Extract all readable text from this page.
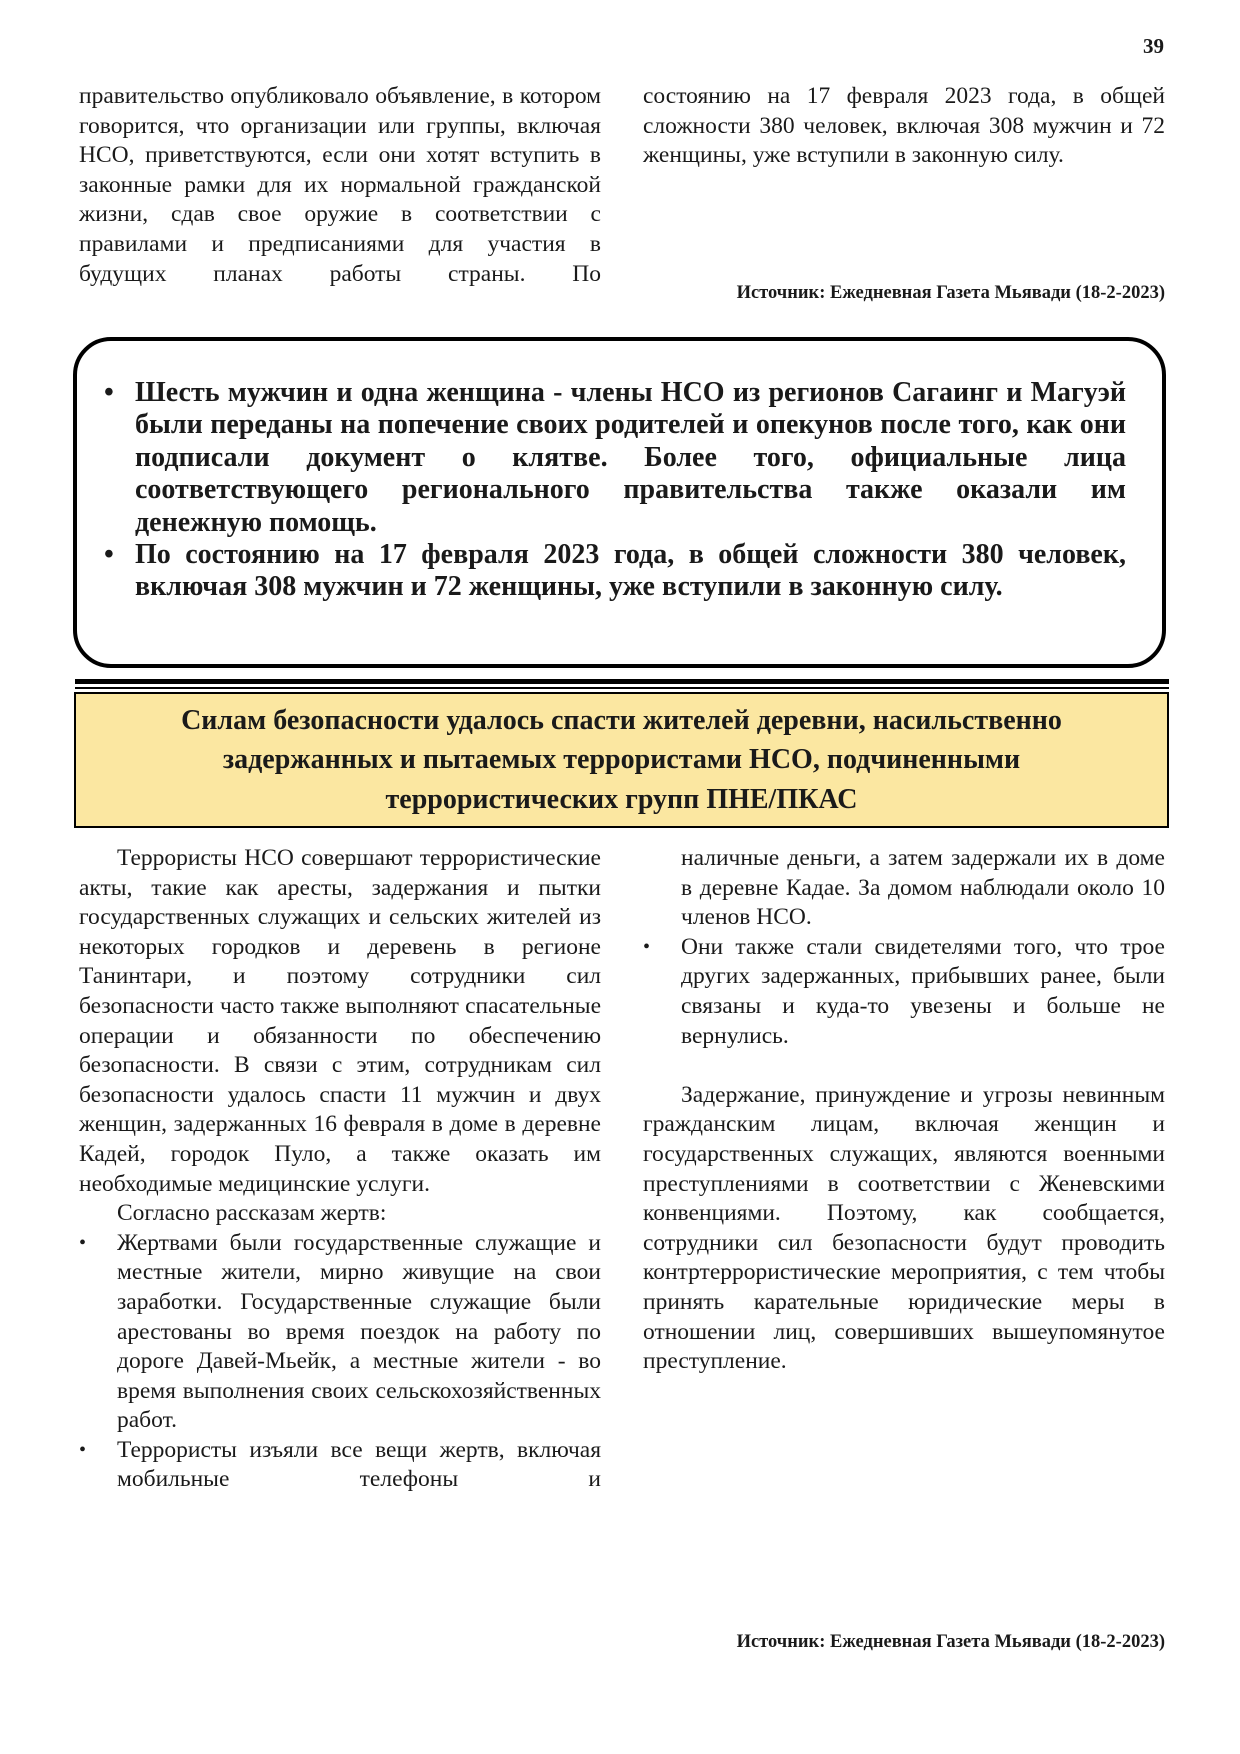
39

правительство опубликовало объявление, в котором говорится, что организации или группы, включая НСО, приветствуются, если они хотят вступить в законные рамки для их нормальной гражданской жизни, сдав свое оружие в соответствии с правилами и предписаниями для участия в будущих планах работы страны. По

состоянию на 17 февраля 2023 года, в общей сложности 380 человек, включая 308 мужчин и 72 женщины, уже вступили в законную силу.

Источник: Ежедневная Газета Мьявади (18-2-2023)
• Шесть мужчин и одна женщина - члены НСО из регионов Сагаинг и Магуэй были переданы на попечение своих родителей и опекунов после того, как они подписали документ о клятве. Более того, официальные лица соответствующего регионального правительства также оказали им денежную помощь.
• По состоянию на 17 февраля 2023 года, в общей сложности 380 человек, включая 308 мужчин и 72 женщины, уже вступили в законную силу.
Силам безопасности удалось спасти жителей деревни, насильственно задержанных и пытаемых террористами НСО, подчиненными террористических групп ПНЕ/ПКАС

Террористы НСО совершают террористические акты, такие как аресты, задержания и пытки государственных служащих и сельских жителей из некоторых городков и деревень в регионе Танинтари, и поэтому сотрудники сил безопасности часто также выполняют спасательные операции и обязанности по обеспечению безопасности. В связи с этим, сотрудникам сил безопасности удалось спасти 11 мужчин и двух женщин, задержанных 16 февраля в доме в деревне Кадей, городок Пуло, а также оказать им необходимые медицинские услуги.

Согласно рассказам жертв:

• Жертвами были государственные служащие и местные жители, мирно живущие на свои заработки. Государственные служащие были арестованы во время поездок на работу по дороге Давей-Мьейк, а местные жители - во время выполнения своих сельскохозяйственных работ.
• Террористы изъяли все вещи жертв, включая мобильные телефоны и

наличные деньги, а затем задержали их в доме в деревне Кадае. За домом наблюдали около 10 членов НСО.

• Они также стали свидетелями того, что трое других задержанных, прибывших ранее, были связаны и куда-то увезены и больше не вернулись.

Задержание, принуждение и угрозы невинным гражданским лицам, включая женщин и государственных служащих, являются военными преступлениями в соответствии с Женевскими конвенциями. Поэтому, как сообщается, сотрудники сил безопасности будут проводить контртеррористические мероприятия, с тем чтобы принять карательные юридические меры в отношении лиц, совершивших вышеупомянутое преступление.

Источник: Ежедневная Газета Мьявади (18-2-2023)
